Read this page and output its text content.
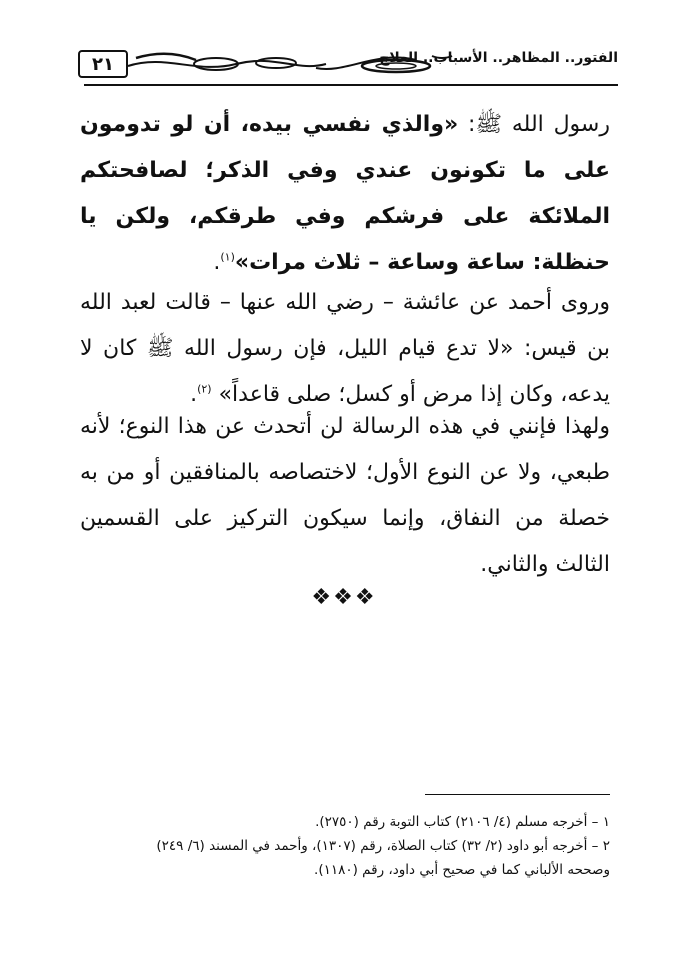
الفتور.. المظاهر.. الأسباب.. العلاج
٢١
رسول الله ﷺ: «والذي نفسي بيده، أن لو تدومون على ما تكونون عندي وفي الذكر؛ لصافحتكم الملائكة على فرشكم وفي طرقكم، ولكن يا حنظلة: ساعة وساعة – ثلاث مرات»$^{(١)}$.
وروى أحمد عن عائشة – رضي الله عنها – قالت لعبد الله بن قيس: «لا تدع قيام الليل، فإن رسول الله ﷺ كان لا يدعه، وكان إذا مرض أو كسل؛ صلى قاعداً» $^{(٢)}$.
ولهذا فإنني في هذه الرسالة لن أتحدث عن هذا النوع؛ لأنه طبعي، ولا عن النوع الأول؛ لاختصاصه بالمنافقين أو من به خصلة من النفاق، وإنما سيكون التركيز على القسمين الثالث والثاني.
❖❖❖
١ – أخرجه مسلم (٤/ ٢١٠٦) كتاب التوبة رقم (٢٧٥٠).
٢ – أخرجه أبو داود (٢/ ٣٢) كتاب الصلاة، رقم (١٣٠٧)، وأحمد في المسند (٦/ ٢٤٩)
وصححه الألباني كما في صحيح أبي داود، رقم (١١٨٠).
